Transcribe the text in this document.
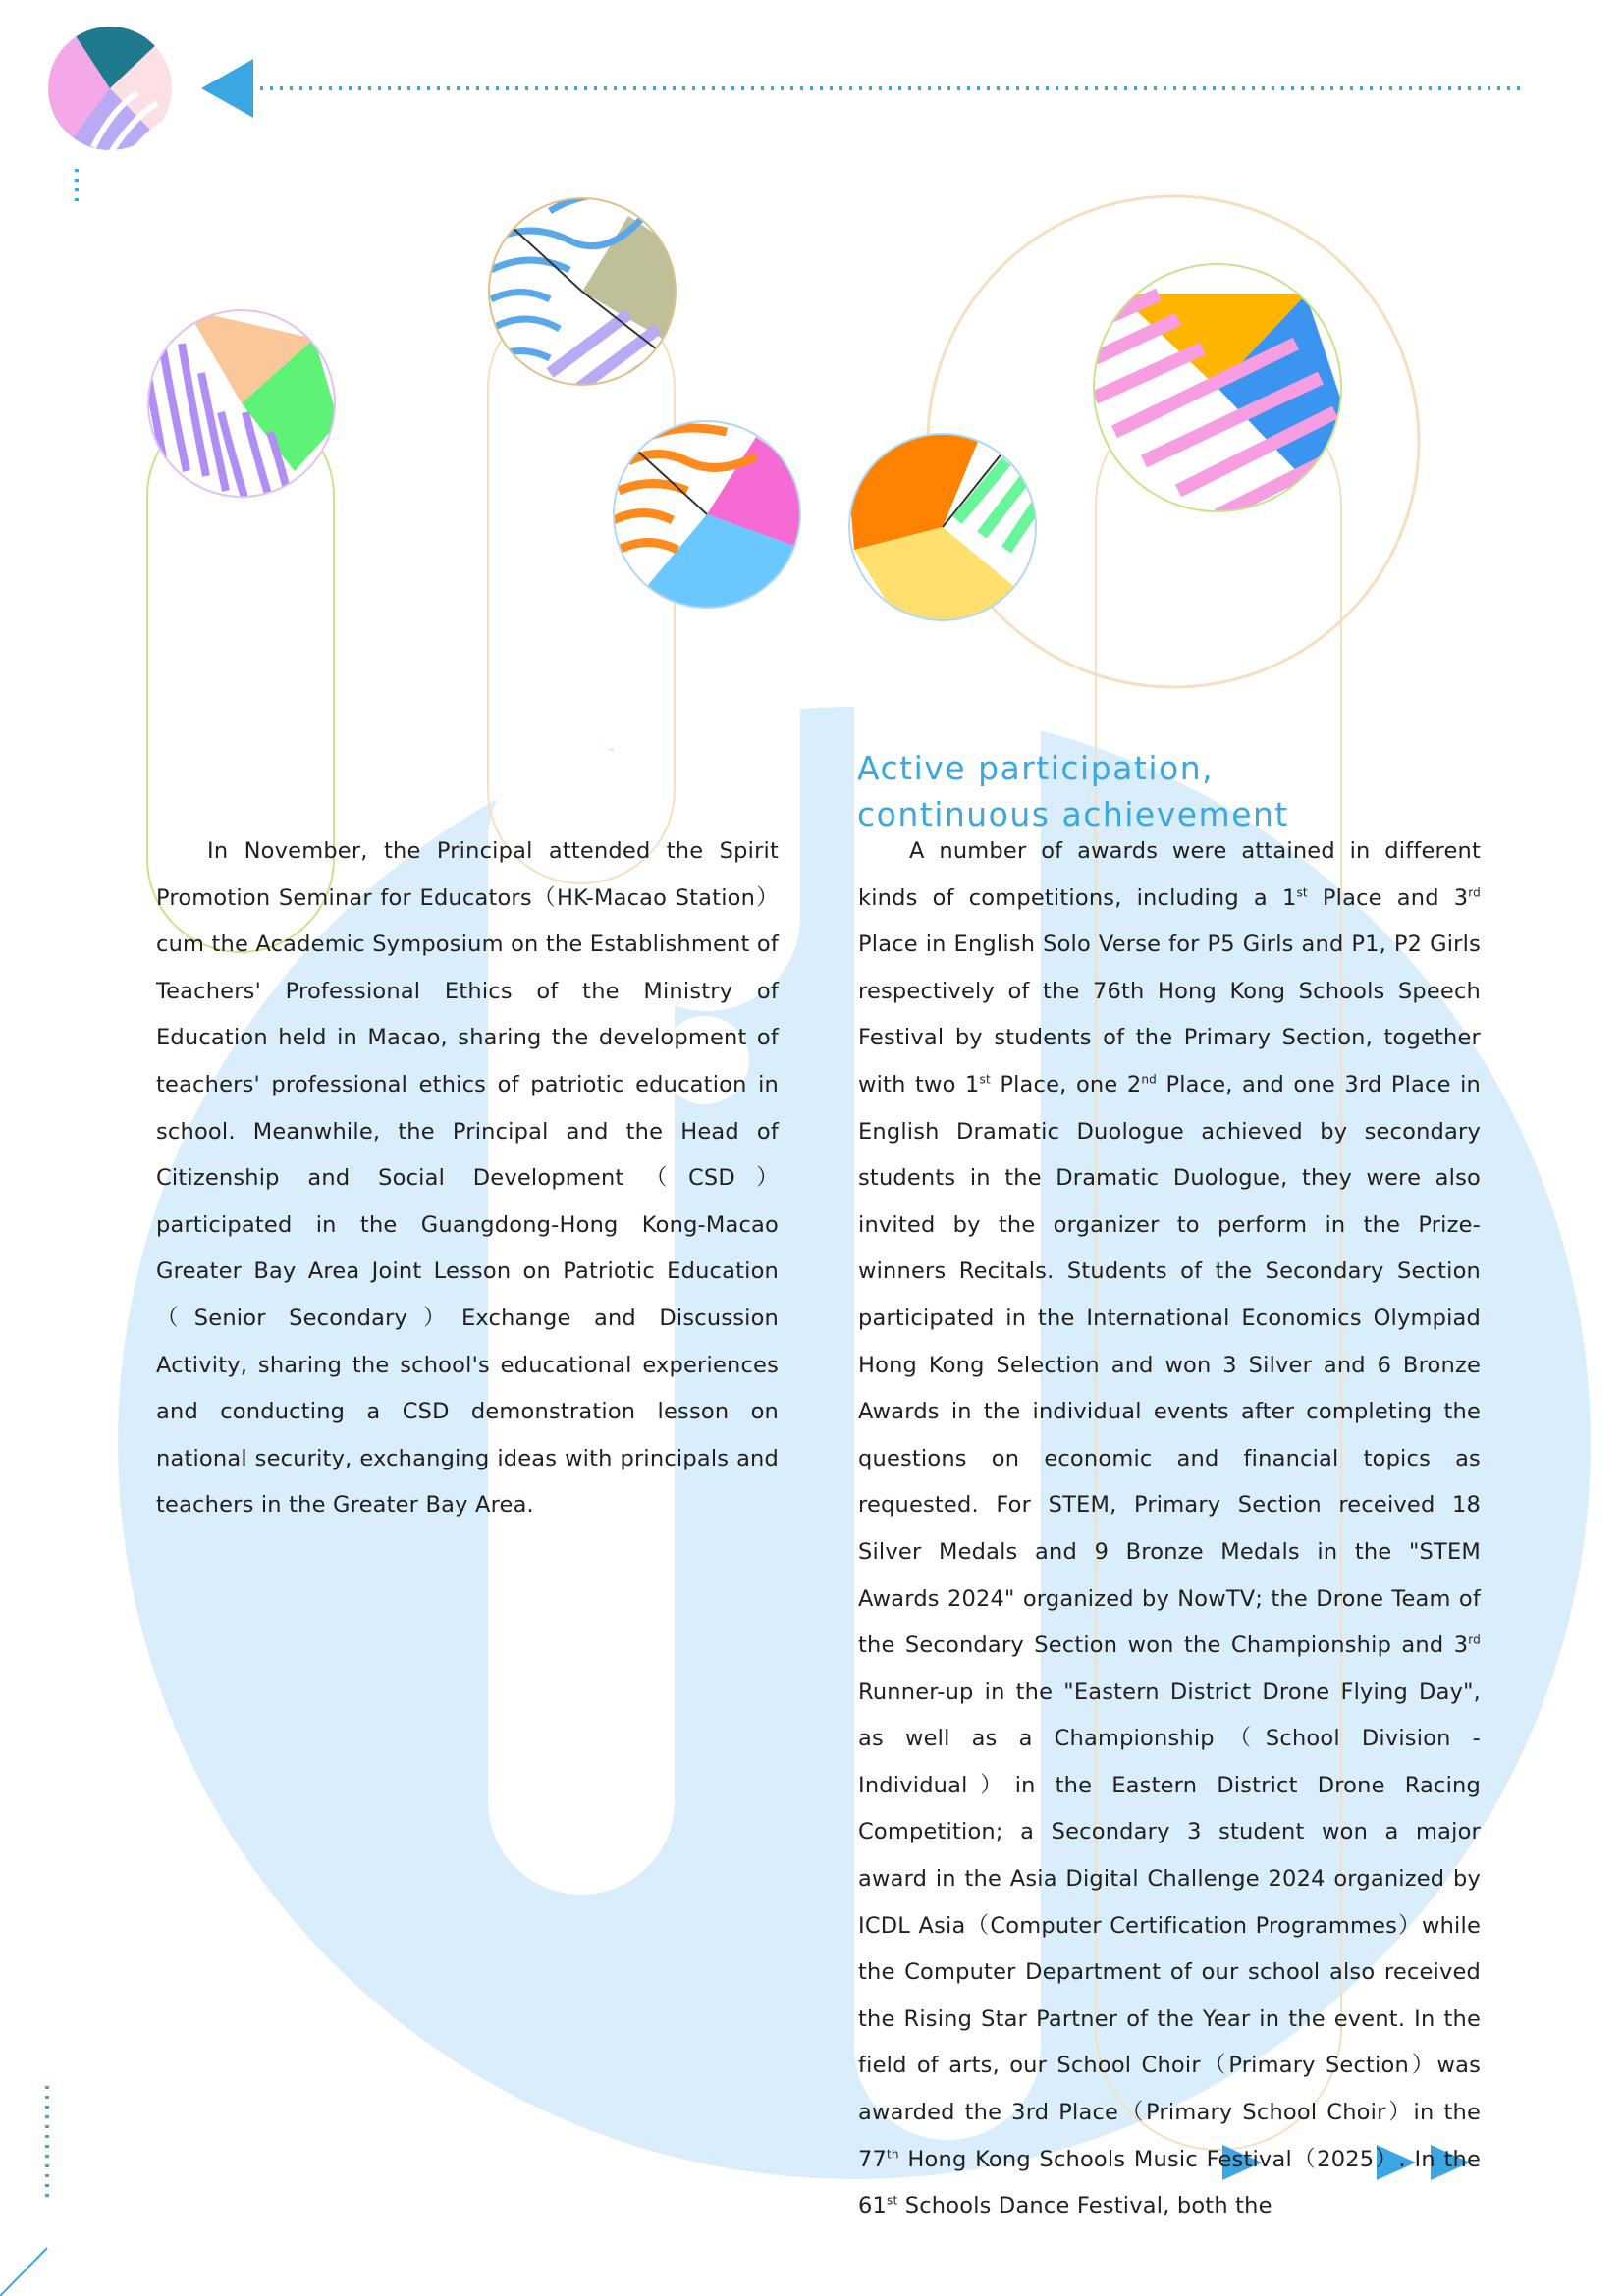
Active participation,
continuous achievement

In November, the Principal attended the Spirit Promotion Seminar for Educators（HK-Macao Station）cum the Academic Symposium on the Establishment of Teachers' Professional Ethics of the Ministry of Education held in Macao, sharing the development of teachers' professional ethics of patriotic education in school. Meanwhile, the Principal and the Head of Citizenship and Social Development（CSD）participated in the Guangdong-Hong Kong-Macao Greater Bay Area Joint Lesson on Patriotic Education（Senior Secondary）Exchange and Discussion Activity, sharing the school's educational experiences and conducting a CSD demonstration lesson on national security, exchanging ideas with principals and teachers in the Greater Bay Area.

A number of awards were attained in different kinds of competitions, including a 1st Place and 3rd Place in English Solo Verse for P5 Girls and P1, P2 Girls respectively of the 76th Hong Kong Schools Speech Festival by students of the Primary Section, together with two 1st Place, one 2nd Place, and one 3rd Place in English Dramatic Duologue achieved by secondary students in the Dramatic Duologue, they were also invited by the organizer to perform in the Prize-winners Recitals. Students of the Secondary Section participated in the International Economics Olympiad Hong Kong Selection and won 3 Silver and 6 Bronze Awards in the individual events after completing the questions on economic and financial topics as requested. For STEM, Primary Section received 18 Silver Medals and 9 Bronze Medals in the "STEM Awards 2024" organized by NowTV; the Drone Team of the Secondary Section won the Championship and 3rd Runner-up in the "Eastern District Drone Flying Day", as well as a Championship（School Division - Individual）in the Eastern District Drone Racing Competition; a Secondary 3 student won a major award in the Asia Digital Challenge 2024 organized by ICDL Asia（Computer Certification Programmes）while the Computer Department of our school also received the Rising Star Partner of the Year in the event. In the field of arts, our School Choir（Primary Section）was awarded the 3rd Place（Primary School Choir）in the 77th Hong Kong Schools Music Festival（2025）. In the 61st Schools Dance Festival, both the
